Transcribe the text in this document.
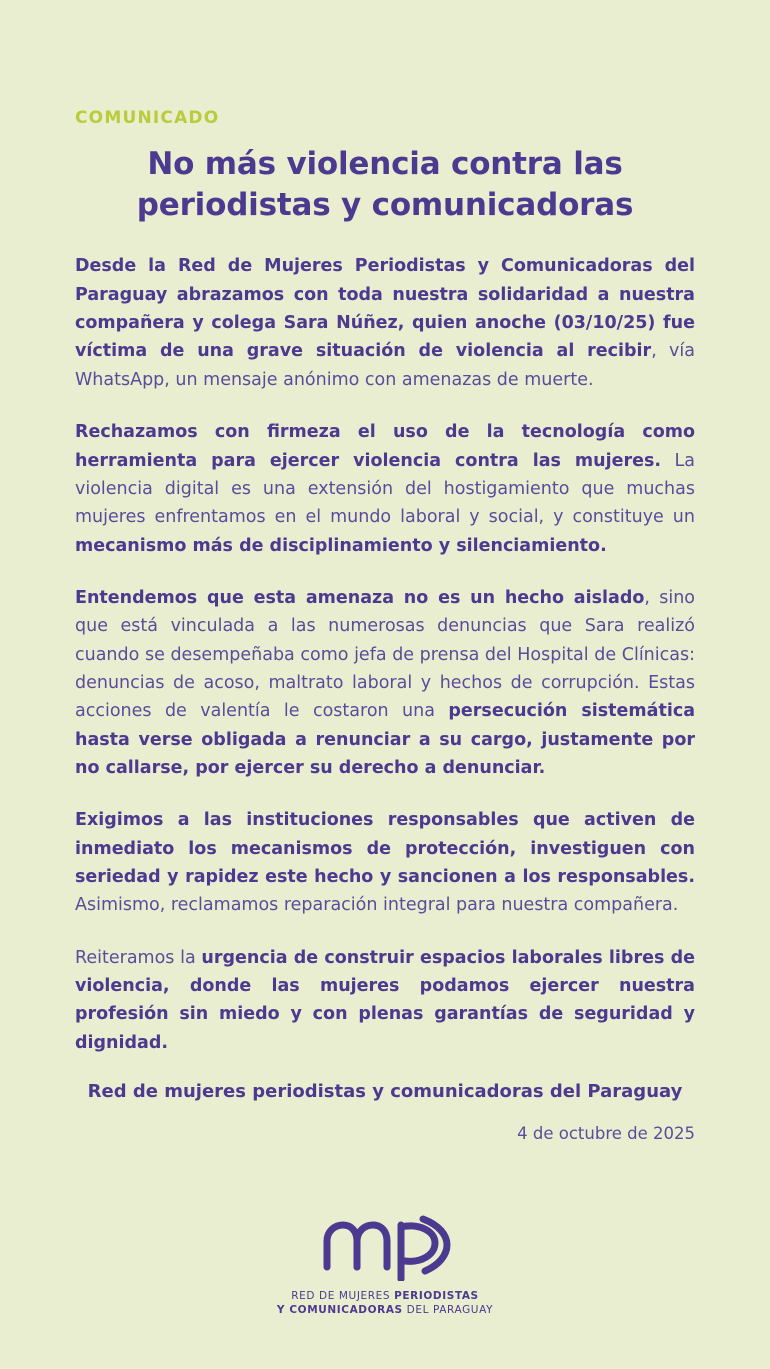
COMUNICADO
No más violencia contra las
periodistas y comunicadoras

Desde la Red de Mujeres Periodistas y Comunicadoras del Paraguay abrazamos con toda nuestra solidaridad a nuestra compañera y colega Sara Núñez, quien anoche (03/10/25) fue víctima de una grave situación de violencia al recibir, vía WhatsApp, un mensaje anónimo con amenazas de muerte.

Rechazamos con firmeza el uso de la tecnología como herramienta para ejercer violencia contra las mujeres. La violencia digital es una extensión del hostigamiento que muchas mujeres enfrentamos en el mundo laboral y social, y constituye un mecanismo más de disciplinamiento y silenciamiento.

Entendemos que esta amenaza no es un hecho aislado, sino que está vinculada a las numerosas denuncias que Sara realizó cuando se desempeñaba como jefa de prensa del Hospital de Clínicas: denuncias de acoso, maltrato laboral y hechos de corrupción. Estas acciones de valentía le costaron una persecución sistemática hasta verse obligada a renunciar a su cargo, justamente por no callarse, por ejercer su derecho a denunciar.

Exigimos a las instituciones responsables que activen de inmediato los mecanismos de protección, investiguen con seriedad y rapidez este hecho y sancionen a los responsables. Asimismo, reclamamos reparación integral para nuestra compañera.

Reiteramos la urgencia de construir espacios laborales libres de violencia, donde las mujeres podamos ejercer nuestra profesión sin miedo y con plenas garantías de seguridad y dignidad.

Red de mujeres periodistas y comunicadoras del Paraguay
4 de octubre de 2025
RED DE MUJERES PERIODISTAS
Y COMUNICADORAS DEL PARAGUAY
